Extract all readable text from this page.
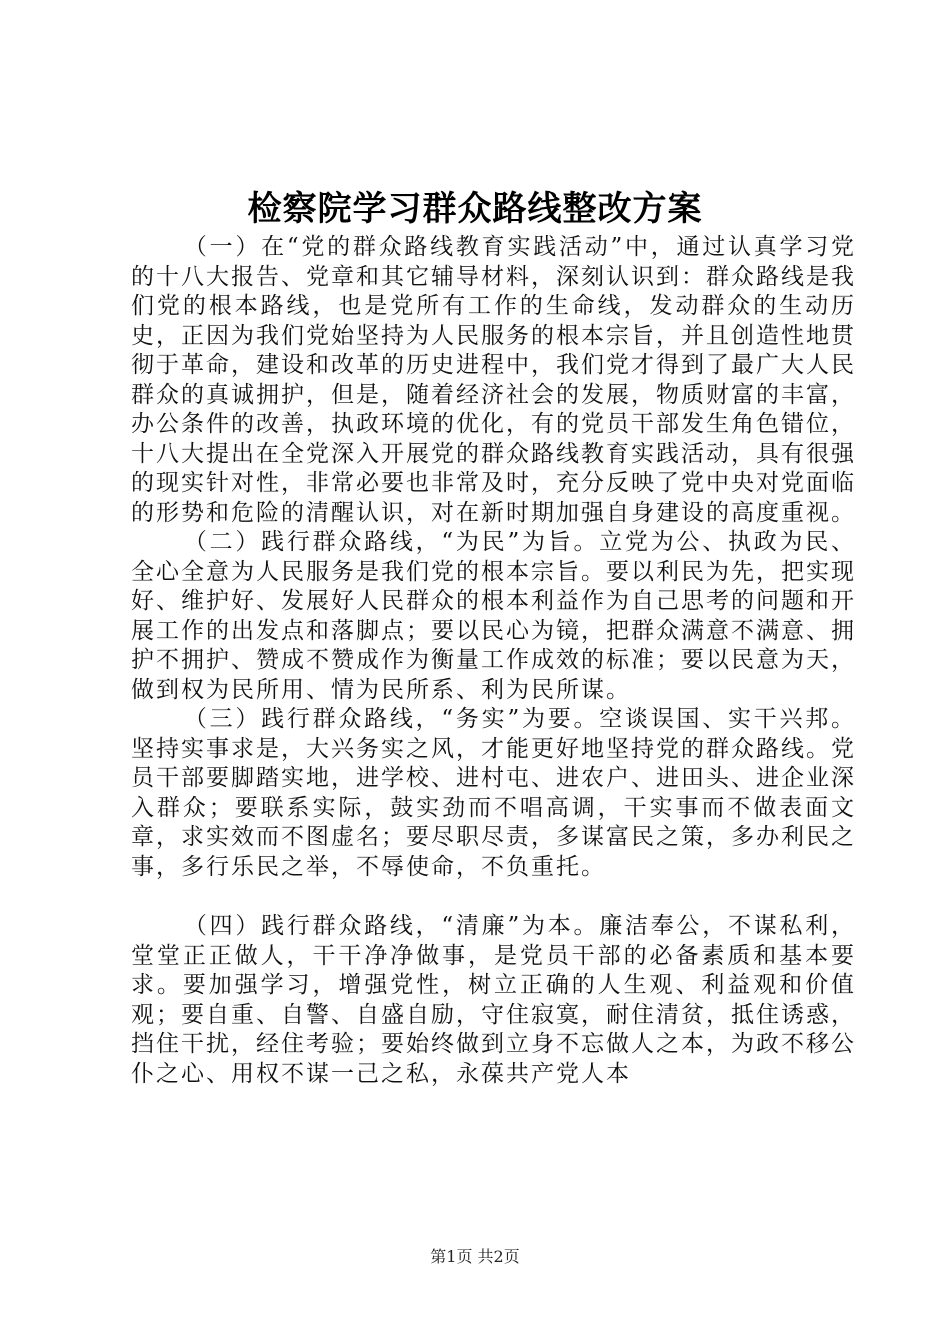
检察院学习群众路线整改方案

（一）在“党的群众路线教育实践活动”中，通过认真学习党的十八大报告、党章和其它辅导材料，深刻认识到：群众路线是我们党的根本路线，也是党所有工作的生命线，发动群众的生动历史，正因为我们党始坚持为人民服务的根本宗旨，并且创造性地贯彻于革命，建设和改革的历史进程中，我们党才得到了最广大人民群众的真诚拥护，但是，随着经济社会的发展，物质财富的丰富，办公条件的改善，执政环境的优化，有的党员干部发生角色错位，十八大提出在全党深入开展党的群众路线教育实践活动，具有很强的现实针对性，非常必要也非常及时，充分反映了党中央对党面临的形势和危险的清醒认识，对在新时期加强自身建设的高度重视。

（二）践行群众路线，“为民”为旨。立党为公、执政为民、全心全意为人民服务是我们党的根本宗旨。要以利民为先，把实现好、维护好、发展好人民群众的根本利益作为自己思考的问题和开展工作的出发点和落脚点；要以民心为镜，把群众满意不满意、拥护不拥护、赞成不赞成作为衡量工作成效的标准；要以民意为天，做到权为民所用、情为民所系、利为民所谋。

（三）践行群众路线，“务实”为要。空谈误国、实干兴邦。坚持实事求是，大兴务实之风，才能更好地坚持党的群众路线。党员干部要脚踏实地，进学校、进村屯、进农户、进田头、进企业深入群众；要联系实际，鼓实劲而不唱高调，干实事而不做表面文章，求实效而不图虚名；要尽职尽责，多谋富民之策，多办利民之事，多行乐民之举，不辱使命，不负重托。

（四）践行群众路线，“清廉”为本。廉洁奉公，不谋私利，堂堂正正做人，干干净净做事，是党员干部的必备素质和基本要求。要加强学习，增强党性，树立正确的人生观、利益观和价值观；要自重、自警、自盛自励，守住寂寞，耐住清贫，抵住诱惑，挡住干扰，经住考验；要始终做到立身不忘做人之本，为政不移公仆之心、用权不谋一己之私，永葆共产党人本

第1页 共2页
